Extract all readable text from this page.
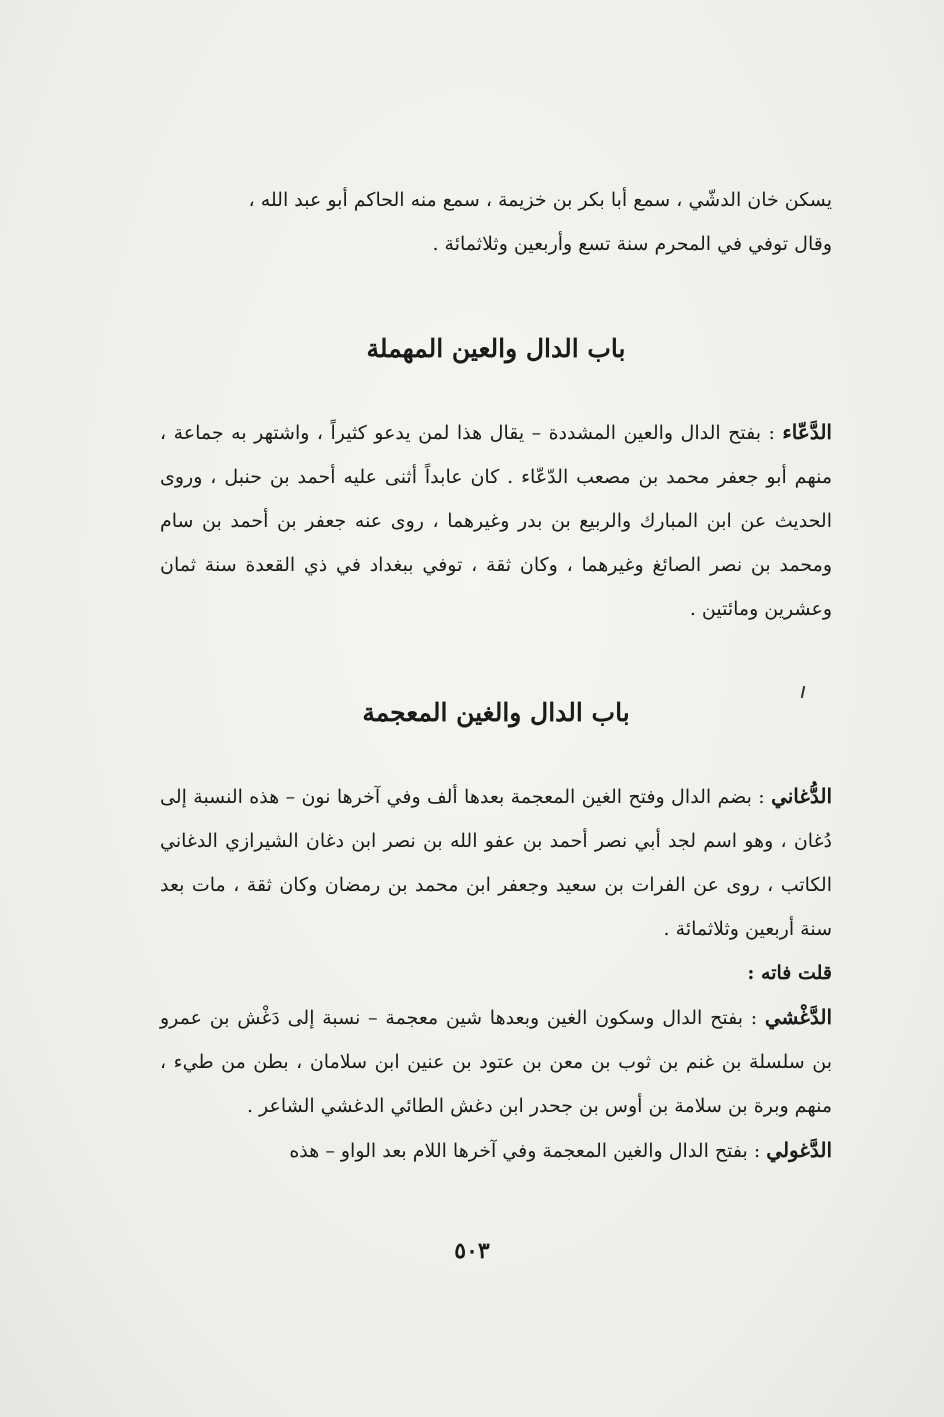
يسكن خان الدشّي ، سمع أبا بكر بن خزيمة ، سمع منه الحاكم أبو عبد الله ،

وقال توفي في المحرم سنة تسع وأربعين وثلاثمائة .

باب الدال والعين المهملة

الدَّعّاء : بفتح الدال والعين المشددة – يقال هذا لمن يدعو كثيراً ، واشتهر به جماعة ، منهم أبو جعفر محمد بن مصعب الدّعّاء . كان عابداً أثنى عليه أحمد بن حنبل ، وروى الحديث عن ابن المبارك والربيع بن بدر وغيرهما ، روى عنه جعفر بن أحمد بن سام ومحمد بن نصر الصائغ وغيرهما ، وكان ثقة ، توفي ببغداد في ذي القعدة سنة ثمان وعشرين ومائتين .

باب الدال والغين المعجمة

الدُّغاني : بضم الدال وفتح الغين المعجمة بعدها ألف وفي آخرها نون – هذه النسبة إلى دُغان ، وهو اسم لجد أبي نصر أحمد بن عفو الله بن نصر ابن دغان الشيرازي الدغاني الكاتب ، روى عن الفرات بن سعيد وجعفر ابن محمد بن رمضان وكان ثقة ، مات بعد سنة أربعين وثلاثمائة .

قلت فاته :

الدَّغْشي : بفتح الدال وسكون الغين وبعدها شين معجمة – نسبة إلى دَغْش بن عمرو بن سلسلة بن غنم بن ثوب بن معن بن عتود بن عنين ابن سلامان ، بطن من طيء ، منهم وبرة بن سلامة بن أوس بن جحدر ابن دغش الطائي الدغشي الشاعر .

الدَّغولي : بفتح الدال والغين المعجمة وفي آخرها اللام بعد الواو – هذه

٥٠٣
